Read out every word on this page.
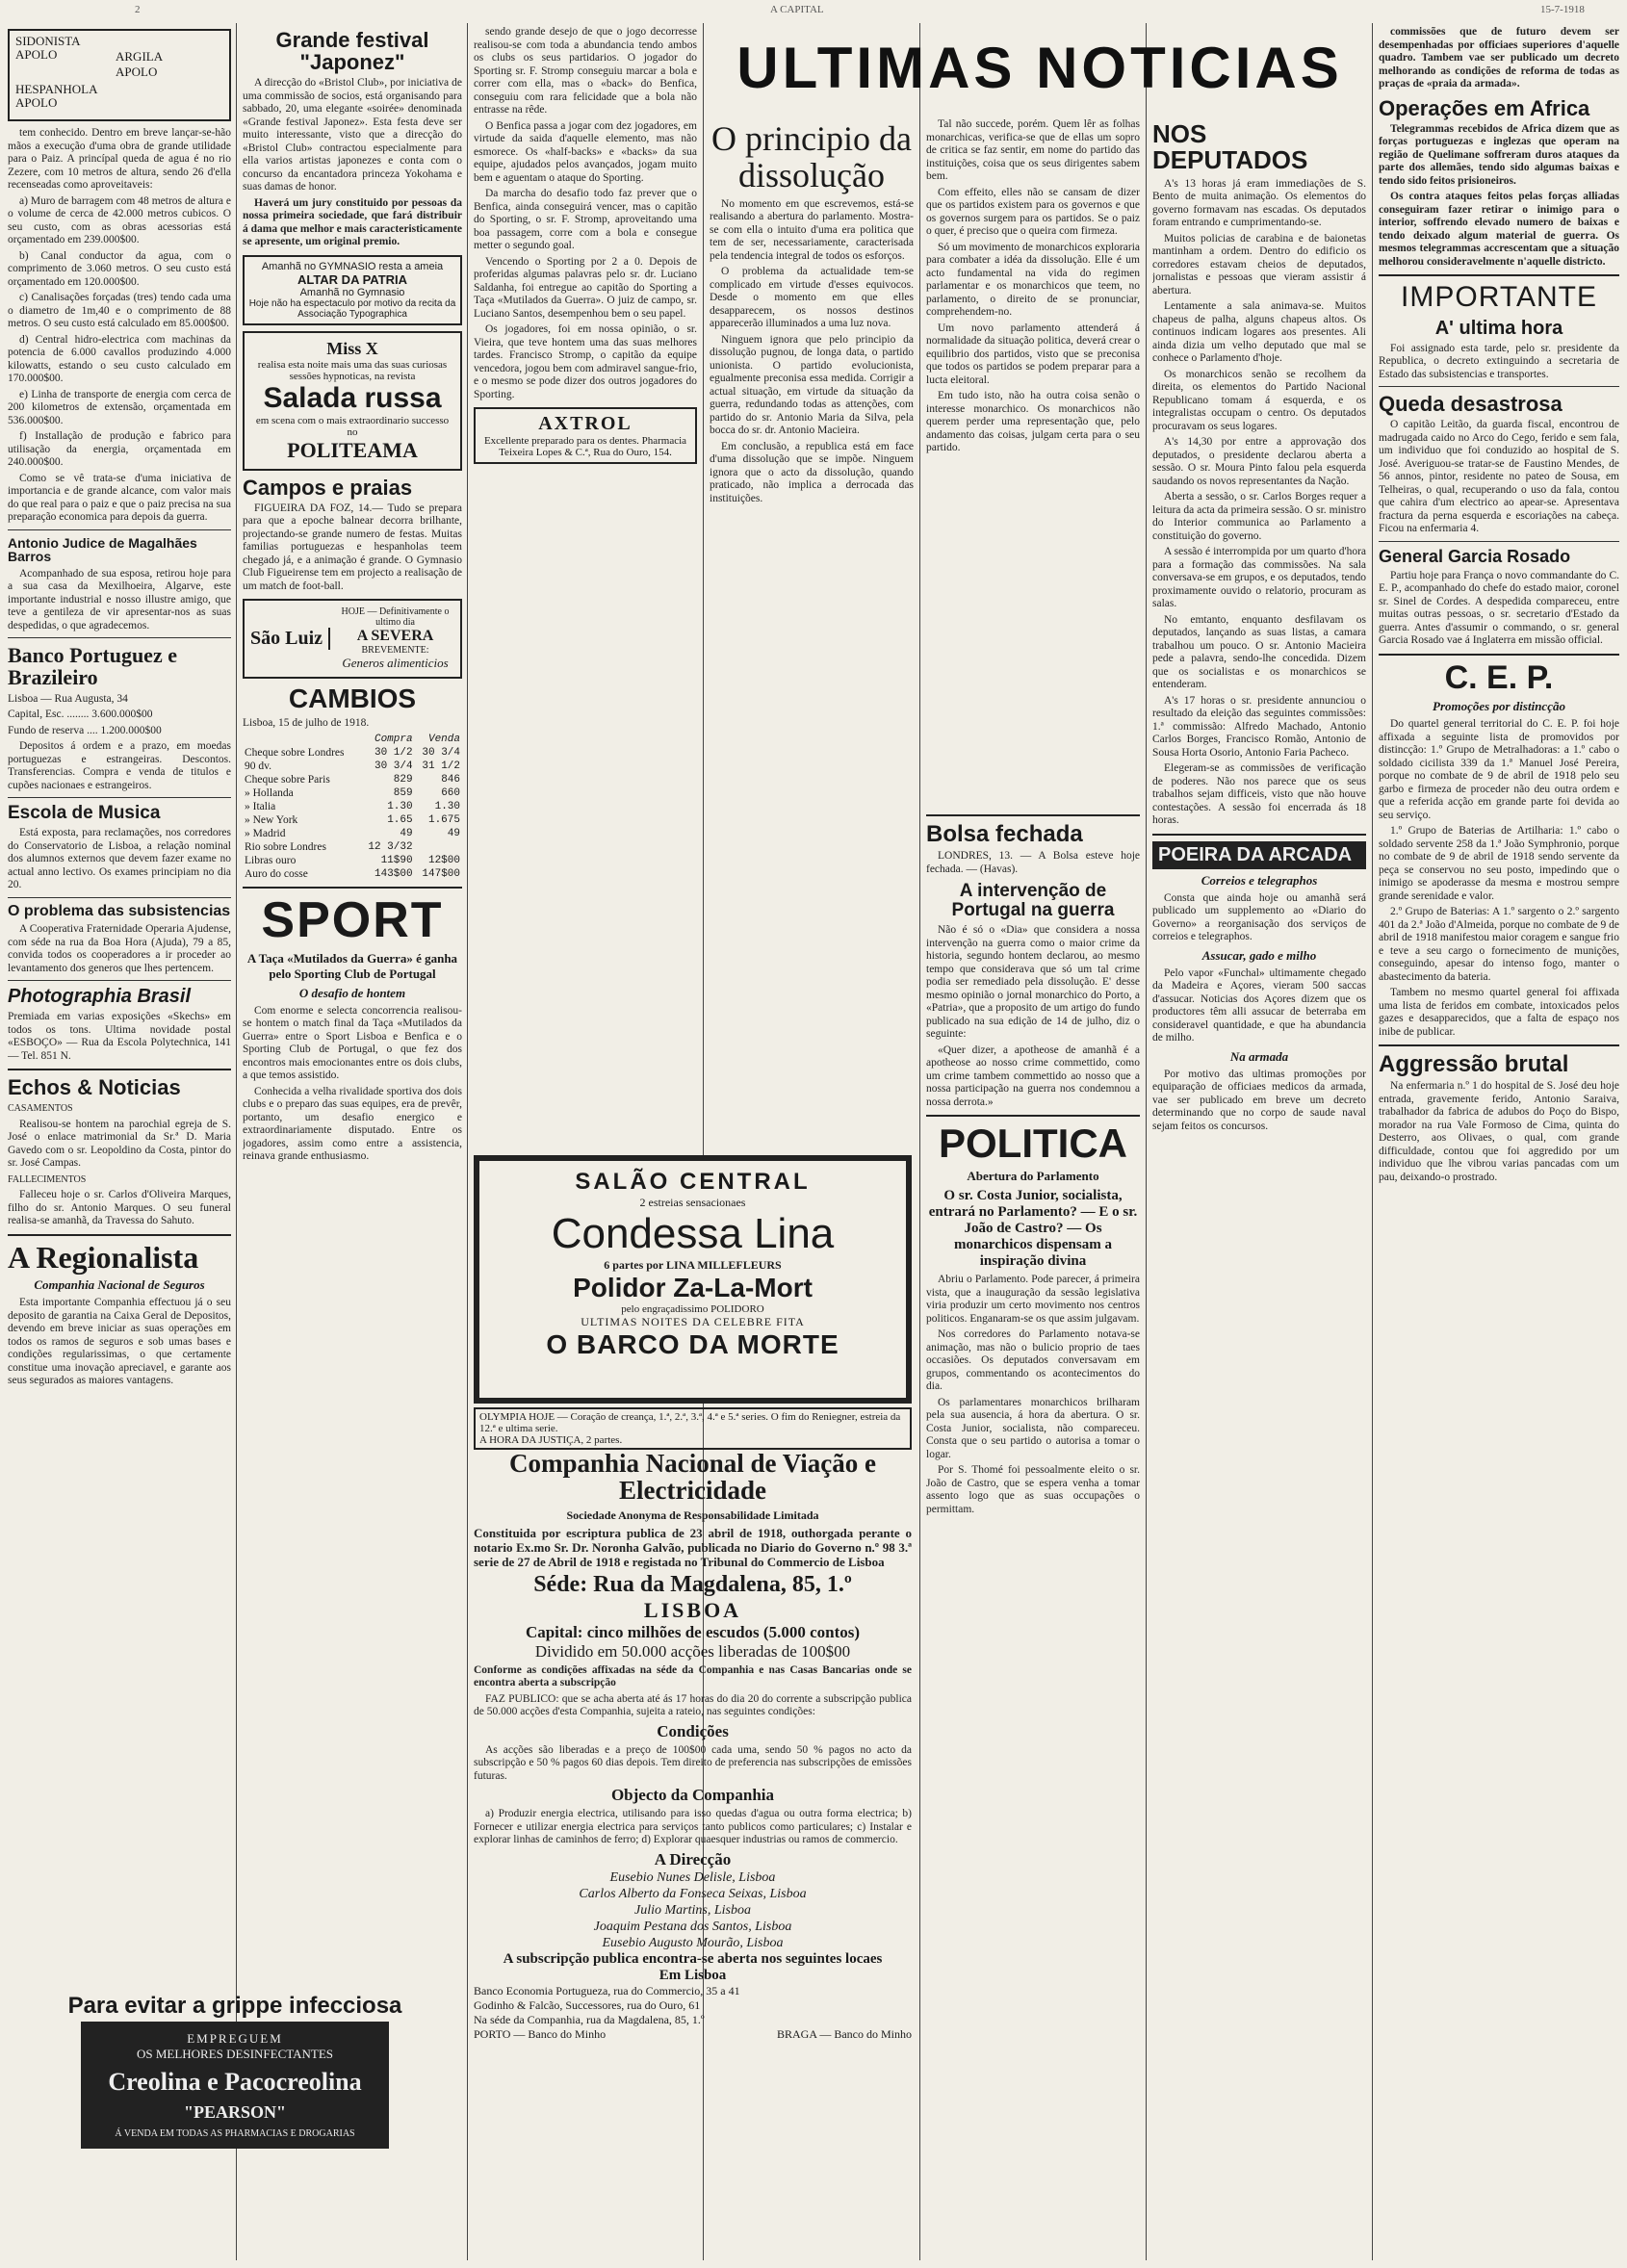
2	A CAPITAL	15-7-1918
SIDONISTA
APOLO	ARGILA
APOLO
HESPANHOLA
APOLO

tem conhecido. Dentro em breve lançar-se-hão mãos a execução d'uma obra de grande utilidade para o Paiz. A princípal queda de agua é no rio Zezere, com 10 metros de altura, sendo 26 d'ella recenseadas como aproveitaveis:

a) Muro de barragem com 48 metros de altura e o volume de cerca de 42.000 metros cubicos. O seu custo, com as obras acessorias está orçamentado em 239.000$00.

b) Canal conductor da agua, com o comprimento de 3.060 metros. O seu custo está orçamentado em 120.000$00.

c) Canalisações forçadas (tres) tendo cada uma o diametro de 1m,40 e o comprimento de 88 metros. O seu custo está calculado em 85.000$00.

d) Central hidro-electrica com machinas da potencia de 6.000 cavallos produzindo 4.000 kilowatts, estando o seu custo calculado em 170.000$00.

e) Linha de transporte de energia com cerca de 200 kilometros de extensão, orçamentada em 536.000$00.

f) Installação de produção e fabrico para utilisação da energia, orçamentada em 240.000$00.

Como se vê trata-se d'uma iniciativa de importancia e de grande alcance, com valor mais do que real para o paiz e que o paiz precisa na sua preparação economica para depois da guerra.

Antonio Judice de Magalhães Barros

Acompanhado de sua esposa, retirou hoje para a sua casa da Mexilhoeira, Algarve, este importante industrial e nosso illustre amigo, que teve a gentileza de vir apresentar-nos as suas despedidas, o que agradecemos.

Banco Portuguez e Brazileiro

Lisboa — Rua Augusta, 34

Capital, Esc. ........ 3.600.000$00

Fundo de reserva .... 1.200.000$00

Depositos á ordem e a prazo, em moedas portuguezas e estrangeiras. Descontos. Transferencias. Compra e venda de titulos e cupões nacionaes e estrangeiros.

Escola de Musica

Está exposta, para reclamações, nos corredores do Conservatorio de Lisboa, a relação nominal dos alumnos externos que devem fazer exame no actual anno lectivo. Os exames principiam no dia 20.

O problema das subsistencias

A Cooperativa Fraternidade Operaria Ajudense, com séde na rua da Boa Hora (Ajuda), 79 a 85, convida todos os cooperadores a ir proceder ao levantamento dos generos que lhes pertencem.

Photographia Brasil

Premiada em varias exposições «Skechs» em todos os tons. Ultima novidade postal «ESBOÇO» — Rua da Escola Polytechnica, 141 — Tel. 851 N.

Echos & Noticias

CASAMENTOS

Realisou-se hontem na parochial egreja de S. José o enlace matrimonial da Sr.ª D. Maria Gavedo com o sr. Leopoldino da Costa, pintor do sr. José Campas.

FALLECIMENTOS

Falleceu hoje o sr. Carlos d'Oliveira Marques, filho do sr. Antonio Marques. O seu funeral realisa-se amanhã, da Travessa do Sahuto.

A Regionalista
Companhia Nacional de Seguros

Esta importante Companhia effectuou já o seu deposito de garantia na Caixa Geral de Depositos, devendo em breve iniciar as suas operações em todos os ramos de seguros e sob umas bases e condições regularissimas, o que certamente constitue uma inovação apreciavel, e garante aos seus segurados as maiores vantagens.

Para evitar a grippe infecciosa
EMPREGUEM
OS MELHORES DESINFECTANTES
Creolina e Pacocreolina
"PEARSON"
Á VENDA EM TODAS AS PHARMACIAS E DROGARIAS
Grande festival "Japonez"

A direcção do «Bristol Club», por iniciativa de uma commissão de socios, está organisando para sabbado, 20, uma elegante «soirée» denominada «Grande festival Japonez». Esta festa deve ser muito interessante, visto que a direcção do «Bristol Club» contractou especialmente para ella varios artistas japonezes e conta com o concurso da encantadora princeza Yokohama e suas damas de honor.

Haverá um jury constituido por pessoas da nossa primeira sociedade, que fará distribuir á dama que melhor e mais caracteristicamente se apresente, um original premio.

Amanhã no GYMNASIO resta a ameia
ALTAR DA PATRIA
Amanhã no Gymnasio
Hoje não ha espectaculo por motivo da recita da Associação Typographica
Miss X
realisa esta noite mais uma das suas curiosas sessões hypnoticas, na revista
Salada russa
em scena com o mais extraordinario successo no
POLITEAMA
Campos e praias

FIGUEIRA DA FOZ, 14.— Tudo se prepara para que a epoche balnear decorra brilhante, projectando-se grande numero de festas. Muitas familias portuguezas e hespanholas teem chegado já, e a animação é grande. O Gymnasio Club Figueirense tem em projecto a realisação de um match de foot-ball.

São Luiz
HOJE — Definitivamente o ultimo dia
A SEVERA
BREVEMENTE:
Generos alimenticios
CAMBIOS

Lisboa, 15 de julho de 1918.

	Compra	Venda
Cheque sobre Londres	30 1/2	30 3/4
90 dv.	30 3/4	31 1/2
Cheque sobre Paris	829	846
» Hollanda	859	660
» Italia	1.30	1.30
» New York	1.65	1.675
» Madrid	49	49
Rio sobre Londres	12 3/32	
Libras ouro	11$90	12$00
Auro do cosse	143$00	147$00
SPORT
A Taça «Mutilados da Guerra» é ganha pelo Sporting Club de Portugal
O desafio de hontem

Com enorme e selecta concorrencia realisou-se hontem o match final da Taça «Mutilados da Guerra» entre o Sport Lisboa e Benfica e o Sporting Club de Portugal, o que fez dos encontros mais emocionantes entre os dois clubs, a que temos assistido.

Conhecida a velha rivalidade sportiva dos dois clubs e o preparo das suas equipes, era de prevêr, portanto, um desafio energico e extraordinariamente disputado. Entre os jogadores, assim como entre a assistencia, reinava grande enthusiasmo.

sendo grande desejo de que o jogo decorresse realisou-se com toda a abundancia tendo ambos os clubs os seus partidarios. O jogador do Sporting sr. F. Stromp conseguiu marcar a bola e correr com ella, mas o «back» do Benfica, conseguiu com rara felicidade que a bola não entrasse na rêde.

O Benfica passa a jogar com dez jogadores, em virtude da saida d'aquelle elemento, mas não esmorece. Os «half-backs» e «backs» da sua equipe, ajudados pelos avançados, jogam muito bem e aguentam o ataque do Sporting.

Da marcha do desafio todo faz prever que o Benfica, ainda conseguirá vencer, mas o capitão do Sporting, o sr. F. Stromp, aproveitando uma boa passagem, corre com a bola e consegue metter o segundo goal.

Vencendo o Sporting por 2 a 0. Depois de proferidas algumas palavras pelo sr. dr. Luciano Saldanha, foi entregue ao capitão do Sporting a Taça «Mutilados da Guerra». O juiz de campo, sr. Luciano Santos, desempenhou bem o seu papel.

Os jogadores, foi em nossa opinião, o sr. Vieira, que teve hontem uma das suas melhores tardes. Francisco Stromp, o capitão da equipe vencedora, jogou bem com admiravel sangue-frio, e o mesmo se pode dizer dos outros jogadores do Sporting.

AXTROL
Excellente preparado para os dentes. Pharmacia Teixeira Lopes & C.ª, Rua do Ouro, 154.
SALÃO CENTRAL
2 estreias sensacionaes
Condessa Lina
6 partes por LINA MILLEFLEURS
Polidor Za-La-Mort
pelo engraçadissimo POLIDORO
ULTIMAS NOITES DA CELEBRE FITA
O BARCO DA MORTE
OLYMPIA HOJE — Coração de creança, 1.ª, 2.ª, 3.ª, 4.ª e 5.ª series. O fim do Reniegner, estreia da 12.ª e ultima serie.
A HORA DA JUSTIÇA, 2 partes.
Companhia Nacional de Viação e Electricidade
Sociedade Anonyma de Responsabilidade Limitada

Constituida por escriptura publica de 23 abril de 1918, outhorgada perante o notario Ex.mo Sr. Dr. Noronha Galvão, publicada no Diario do Governo n.º 98 3.ª serie de 27 de Abril de 1918 e registada no Tribunal do Commercio de Lisboa

Séde: Rua da Magdalena, 85, 1.º
LISBOA
Capital: cinco milhões de escudos (5.000 contos)
Dividido em 50.000 acções liberadas de 100$00

Conforme as condições affixadas na séde da Companhia e nas Casas Bancarias onde se encontra aberta a subscripção

FAZ PUBLICO: que se acha aberta até ás 17 horas do dia 20 do corrente a subscripção publica de 50.000 acções d'esta Companhia, sujeita a rateio, nas seguintes condições:

Condições

As acções são liberadas e a preço de 100$00 cada uma, sendo 50 % pagos no acto da subscripção e 50 % pagos 60 dias depois. Tem direito de preferencia nas subscripções de emissões futuras.

Objecto da Companhia

a) Produzir energia electrica, utilisando para isso quedas d'agua ou outra forma electrica; b) Fornecer e utilizar energia electrica para serviços tanto publicos como particulares; c) Instalar e explorar linhas de caminhos de ferro; d) Explorar quaesquer industrias ou ramos de commercio.

A Direcção
Eusebio Nunes Delisle, Lisboa
Carlos Alberto da Fonseca Seixas, Lisboa
Julio Martins, Lisboa
Joaquim Pestana dos Santos, Lisboa
Eusebio Augusto Mourão, Lisboa
A subscripção publica encontra-se aberta nos seguintes locaes
Em Lisboa
Banco Economia Portugueza, rua do Commercio, 35 a 41
Godinho & Falcão, Successores, rua do Ouro, 61
Na séde da Companhia, rua da Magdalena, 85, 1.º
PORTO — Banco do Minho	BRAGA — Banco do Minho
ULTIMAS NOTICIAS
O principio da dissolução

No momento em que escrevemos, está-se realisando a abertura do parlamento. Mostra-se com ella o intuito d'uma era politica que tem de ser, necessariamente, caracterisada pela tendencia integral de todos os esforços.

O problema da actualidade tem-se complicado em virtude d'esses equivocos. Desde o momento em que elles desapparecem, os nossos destinos apparecerão illuminados a uma luz nova.

Ninguem ignora que pelo principio da dissolução pugnou, de longa data, o partido unionista. O partido evolucionista, egualmente preconisa essa medida. Corrigir a actual situação, em virtude da situação da guerra, redundando todas as attenções, com partido do sr. Antonio Maria da Silva, pela bocca do sr. dr. Antonio Macieira.

Em conclusão, a republica está em face d'uma dissolução que se impõe. Ninguem ignora que o acto da dissolução, quando praticado, não implica a derrocada das instituições.

Tal não succede, porém. Quem lêr as folhas monarchicas, verifica-se que de ellas um sopro de critica se faz sentir, em nome do partido das instituições, coisa que os seus dirigentes sabem bem.

Com effeito, elles não se cansam de dizer que os partidos existem para os governos e que os governos surgem para os partidos. Se o paiz o quer, é preciso que o queira com firmeza.

Só um movimento de monarchicos exploraria para combater a idéa da dissolução. Elle é um acto fundamental na vida do regimen parlamentar e os monarchicos que teem, no parlamento, o direito de se pronunciar, comprehendem-no.

Um novo parlamento attenderá á normalidade da situação politica, deverá crear o equilibrio dos partidos, visto que se preconisa que todos os partidos se podem preparar para a lucta eleitoral.

Em tudo isto, não ha outra coisa senão o interesse monarchico. Os monarchicos não querem perder uma representação que, pelo andamento das coisas, julgam certa para o seu partido.

Bolsa fechada

LONDRES, 13. — A Bolsa esteve hoje fechada. — (Havas).

A intervenção de Portugal na guerra

Não é só o «Dia» que considera a nossa intervenção na guerra como o maior crime da historia, segundo hontem declarou, ao mesmo tempo que considerava que só um tal crime podia ser remediado pela dissolução. E' desse mesmo opinião o jornal monarchico do Porto, a «Patria», que a proposito de um artigo do fundo publicado na sua edição de 14 de julho, diz o seguinte:

«Quer dizer, a apotheose de amanhã é a apotheose ao nosso crime commettido, como um crime tambem commettido ao nosso que a nossa participação na guerra nos condemnou a nossa derrota.»

POLITICA
Abertura do Parlamento
O sr. Costa Junior, socialista, entrará no Parlamento? — E o sr. João de Castro? — Os monarchicos dispensam a inspiração divina

Abriu o Parlamento. Pode parecer, á primeira vista, que a inauguração da sessão legislativa viria produzir um certo movimento nos centros politicos. Enganaram-se os que assim julgavam.

Nos corredores do Parlamento notava-se animação, mas não o bulicio proprio de taes occasiões. Os deputados conversavam em grupos, commentando os acontecimentos do dia.

Os parlamentares monarchicos brilharam pela sua ausencia, á hora da abertura. O sr. Costa Junior, socialista, não compareceu. Consta que o seu partido o autorisa a tomar o logar.

Por S. Thomé foi pessoalmente eleito o sr. João de Castro, que se espera venha a tomar assento logo que as suas occupações o permittam.

NOS DEPUTADOS

A's 13 horas já eram immediações de S. Bento de muita animação. Os elementos do governo formavam nas escadas. Os deputados foram entrando e cumprimentando-se.

Muitos policias de carabina e de baionetas mantinham a ordem. Dentro do edificio os corredores estavam cheios de deputados, jornalistas e pessoas que vieram assistir á abertura.

Lentamente a sala animava-se. Muitos chapeus de palha, alguns chapeus altos. Os continuos indicam logares aos presentes. Ali ainda dizia um velho deputado que mal se conhece o Parlamento d'hoje.

Os monarchicos senão se recolhem da direita, os elementos do Partido Nacional Republicano tomam á esquerda, e os integralistas occupam o centro. Os deputados procuravam os seus logares.

A's 14,30 por entre a approvação dos deputados, o presidente declarou aberta a sessão. O sr. Moura Pinto falou pela esquerda saudando os novos representantes da Nação.

Aberta a sessão, o sr. Carlos Borges requer a leitura da acta da primeira sessão. O sr. ministro do Interior communica ao Parlamento a constituição do governo.

A sessão é interrompida por um quarto d'hora para a formação das commissões. Na sala conversava-se em grupos, e os deputados, tendo proximamente ouvido o relatorio, procuram as salas.

No emtanto, enquanto desfilavam os deputados, lançando as suas listas, a camara trabalhou um pouco. O sr. Antonio Macieira pede a palavra, sendo-lhe concedida. Dizem que os socialistas e os monarchicos se entenderam.

A's 17 horas o sr. presidente annunciou o resultado da eleição das seguintes commissões: 1.ª commissão: Alfredo Machado, Antonio Carlos Borges, Francisco Romão, Antonio de Sousa Horta Osorio, Antonio Faria Pacheco.

Elegeram-se as commissões de verificação de poderes. Não nos parece que os seus trabalhos sejam difficeis, visto que não houve contestações. A sessão foi encerrada ás 18 horas.

POEIRA DA ARCADA
Correios e telegraphos

Consta que ainda hoje ou amanhã será publicado um supplemento ao «Diario do Governo» a reorganisação dos serviços de correios e telegraphos.

Assucar, gado e milho

Pelo vapor «Funchal» ultimamente chegado da Madeira e Açores, vieram 500 saccas d'assucar. Noticias dos Açores dizem que os productores têm alli assucar de beterraba em consideravel quantidade, e que ha abundancia de milho.

Na armada

Por motivo das ultimas promoções por equiparação de officiaes medicos da armada, vae ser publicado em breve um decreto determinando que no corpo de saude naval sejam feitos os concursos.

commissões que de futuro devem ser desempenhadas por officiaes superiores d'aquelle quadro. Tambem vae ser publicado um decreto melhorando as condições de reforma de todas as praças de «praia da armada».

Operações em Africa

Telegrammas recebidos de Africa dizem que as forças portuguezas e inglezas que operam na região de Quelimane soffreram duros ataques da parte dos allemães, tendo sido algumas baixas e tendo sido feitos prisioneiros.

Os contra ataques feitos pelas forças alliadas conseguiram fazer retirar o inimigo para o interior, soffrendo elevado numero de baixas e tendo deixado algum material de guerra. Os mesmos telegrammas accrescentam que a situação melhorou consideravelmente n'aquelle districto.

IMPORTANTE
A' ultima hora

Foi assignado esta tarde, pelo sr. presidente da Republica, o decreto extinguindo a secretaria de Estado das subsistencias e transportes.

Queda desastrosa

O capitão Leitão, da guarda fiscal, encontrou de madrugada caido no Arco do Cego, ferido e sem fala, um individuo que foi conduzido ao hospital de S. José. Averiguou-se tratar-se de Faustino Mendes, de 56 annos, pintor, residente no pateo de Sousa, em Telheiras, o qual, recuperando o uso da fala, contou que cahira d'um electrico ao apear-se. Apresentava fractura da perna esquerda e escoriações na cabeça. Ficou na enfermaria 4.

General Garcia Rosado

Partiu hoje para França o novo commandante do C. E. P., acompanhado do chefe do estado maior, coronel sr. Sinel de Cordes. A despedida compareceu, entre muitas outras pessoas, o sr. secretario d'Estado da guerra. Antes d'assumir o commando, o sr. general Garcia Rosado vae á Inglaterra em missão official.

C. E. P.
Promoções por distincção

Do quartel general territorial do C. E. P. foi hoje affixada a seguinte lista de promovidos por distincção: 1.º Grupo de Metralhadoras: a 1.º cabo o soldado cicilista 339 da 1.ª Manuel José Pereira, porque no combate de 9 de abril de 1918 pelo seu garbo e firmeza de proceder não deu outra ordem e que a referida acção em grande parte foi devida ao seu serviço.

1.º Grupo de Baterias de Artilharia: 1.º cabo o soldado servente 258 da 1.ª João Symphronio, porque no combate de 9 de abril de 1918 sendo servente da peça se conservou no seu posto, impedindo que o inimigo se apoderasse da mesma e mostrou sempre grande serenidade e valor.

2.º Grupo de Baterias: A 1.º sargento o 2.º sargento 401 da 2.ª João d'Almeida, porque no combate de 9 de abril de 1918 manifestou maior coragem e sangue frio e teve a seu cargo o fornecimento de munições, conseguindo, apesar do intenso fogo, manter o abastecimento da bateria.

Tambem no mesmo quartel general foi affixada uma lista de feridos em combate, intoxicados pelos gazes e desapparecidos, que a falta de espaço nos inibe de publicar.

Aggressão brutal

Na enfermaria n.º 1 do hospital de S. José deu hoje entrada, gravemente ferido, Antonio Saraiva, trabalhador da fabrica de adubos do Poço do Bispo, morador na rua Vale Formoso de Cima, quinta do Desterro, aos Olivaes, o qual, com grande difficuldade, contou que foi aggredido por um individuo que lhe vibrou varias pancadas com um pau, deixando-o prostrado.
